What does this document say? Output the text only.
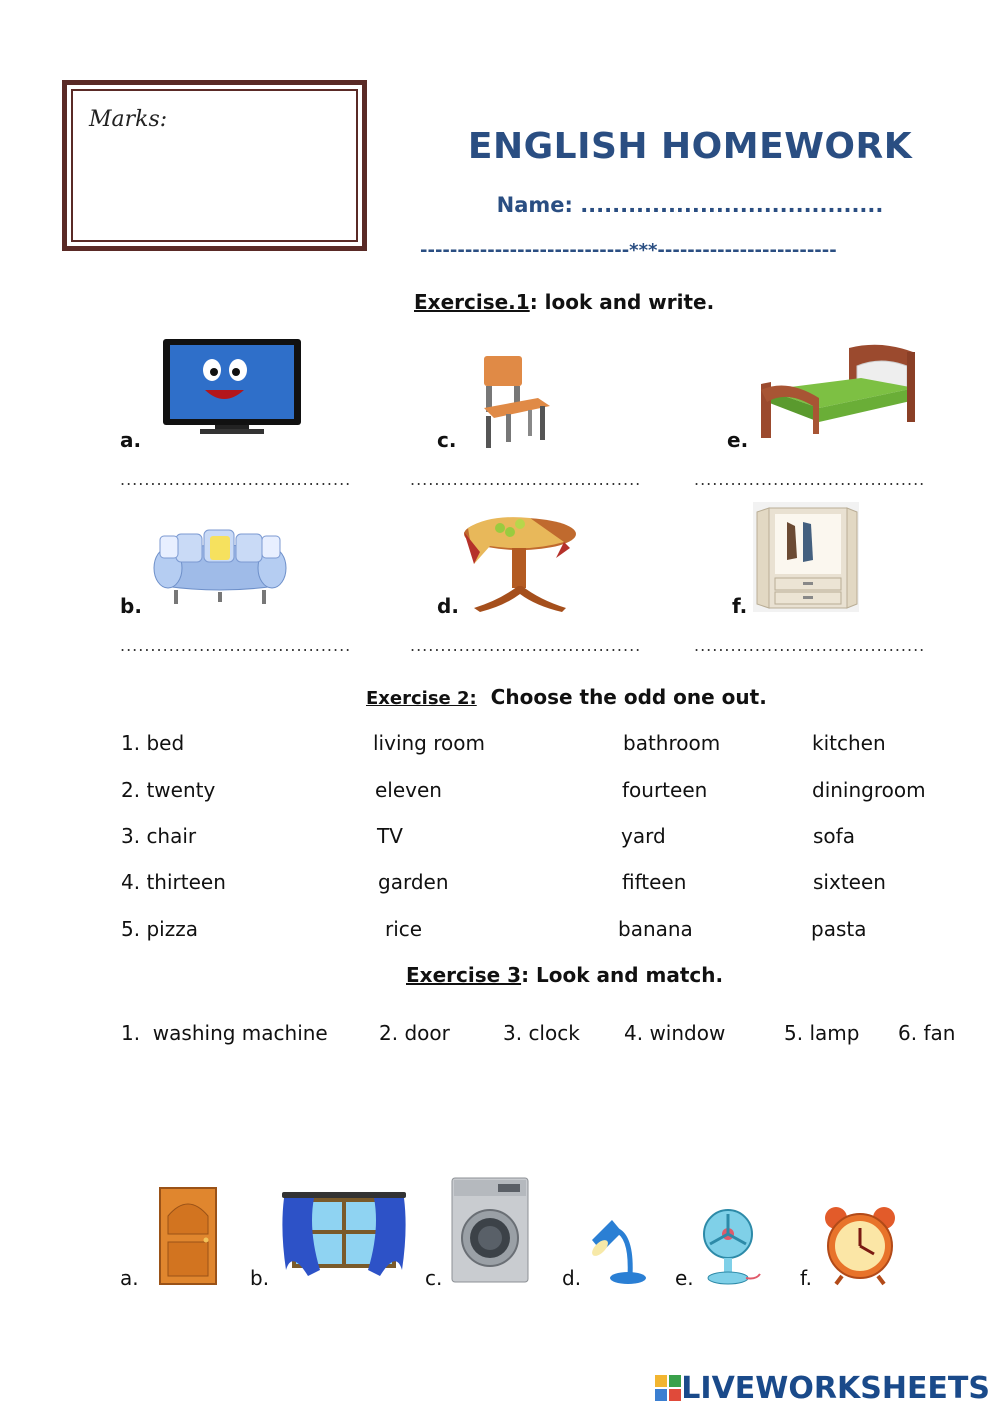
Marks:
ENGLISH HOMEWORK
Name: ......................................
----------------------------***------------------------
Exercise.1: look and write.
a.	c.	e.
......................................	......................................	......................................
b.	d.	f.
......................................	......................................	......................................
Exercise 2:  Choose the odd one out.
1. bed	living room	bathroom	kitchen
2. twenty	eleven	fourteen	diningroom
3. chair	TV	yard	sofa
4. thirteen	garden	fifteen	sixteen
5. pizza	rice	banana	pasta
Exercise 3: Look and match.
1.  washing machine	2. door	3. clock 4. window	5. lamp 6. fan
a.	b.	c.	d.	e.	f.
LIVEWORKSHEETS
